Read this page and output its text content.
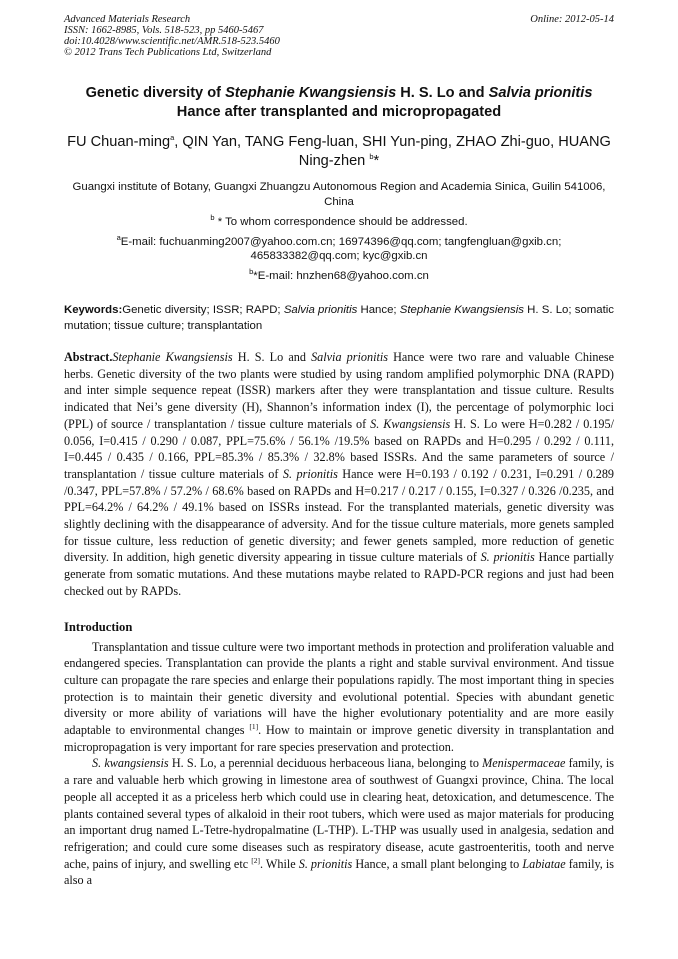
Advanced Materials Research
ISSN: 1662-8985, Vols. 518-523, pp 5460-5467
doi:10.4028/www.scientific.net/AMR.518-523.5460
© 2012 Trans Tech Publications Ltd, Switzerland
Online: 2012-05-14
Genetic diversity of Stephanie Kwangsiensis H. S. Lo and Salvia prionitis Hance after transplanted and micropropagated
FU Chuan-ming$^a$, QIN Yan, TANG Feng-luan, SHI Yun-ping, ZHAO Zhi-guo, HUANG Ning-zhen $^b$*
Guangxi institute of Botany, Guangxi Zhuangzu Autonomous Region and Academia Sinica, Guilin 541006, China
$^b$ * To whom correspondence should be addressed.
$^a$E-mail: fuchuanming2007@yahoo.com.cn; 16974396@qq.com; tangfengluan@gxib.cn; 465833382@qq.com; kyc@gxib.cn
$^b$*E-mail: hnzhen68@yahoo.com.cn
Keywords:Genetic diversity; ISSR; RAPD; Salvia prionitis Hance; Stephanie Kwangsiensis H. S. Lo; somatic mutation; tissue culture; transplantation
Abstract.Stephanie Kwangsiensis H. S. Lo and Salvia prionitis Hance were two rare and valuable Chinese herbs. Genetic diversity of the two plants were studied by using random amplified polymorphic DNA (RAPD) and inter simple sequence repeat (ISSR) markers after they were transplantation and tissue culture. Results indicated that Nei’s gene diversity (H), Shannon’s information index (I), the percentage of polymorphic loci (PPL) of source / transplantation / tissue culture materials of S. Kwangsiensis H. S. Lo were H=0.282 / 0.195/ 0.056, I=0.415 / 0.290 / 0.087, PPL=75.6% / 56.1% /19.5% based on RAPDs and H=0.295 / 0.292 / 0.111, I=0.445 / 0.435 / 0.166, PPL=85.3% / 85.3% / 32.8% based ISSRs. And the same parameters of source / transplantation / tissue culture materials of S. prionitis Hance were H=0.193 / 0.192 / 0.231, I=0.291 / 0.289 /0.347, PPL=57.8% / 57.2% / 68.6% based on RAPDs and H=0.217 / 0.217 / 0.155, I=0.327 / 0.326 /0.235, and PPL=64.2% / 64.2% / 49.1% based on ISSRs instead. For the transplanted materials, genetic diversity was slightly declining with the disappearance of adversity. And for the tissue culture materials, more genets sampled for tissue culture, less reduction of genetic diversity; and fewer genets sampled, more reduction of genetic diversity. In addition, high genetic diversity appearing in tissue culture materials of S. prionitis Hance partially generate from somatic mutations. And these mutations maybe related to RAPD-PCR regions and just had been checked out by RAPDs.
Introduction

Transplantation and tissue culture were two important methods in protection and proliferation valuable and endangered species. Transplantation can provide the plants a right and stable survival environment. And tissue culture can propagate the rare species and enlarge their populations rapidly. The most important thing in species protection is to maintain their genetic diversity and evolutional potential. Species with abundant genetic diversity or more ability of variations will have the higher evolutionary potentiality and are more easily adaptable to environmental changes [1]. How to maintain or improve genetic diversity in transplantation and micropropagation is very important for rare species preservation and protection.

S. kwangsiensis H. S. Lo, a perennial deciduous herbaceous liana, belonging to Menispermaceae family, is a rare and valuable herb which growing in limestone area of southwest of Guangxi province, China. The local people all accepted it as a priceless herb which could use in clearing heat, detoxication, and detumescence. The plants contained several types of alkaloid in their root tubers, which were used as major materials for producing an important drug named L-Tetre-hydropalmatine (L-THP). L-THP was usually used in analgesia, sedation and refrigeration; and could cure some diseases such as respiratory disease, acute gastroenteritis, tooth and nerve ache, pains of injury, and swelling etc [2]. While S. prionitis Hance, a small plant belonging to Labiatae family, is also a
